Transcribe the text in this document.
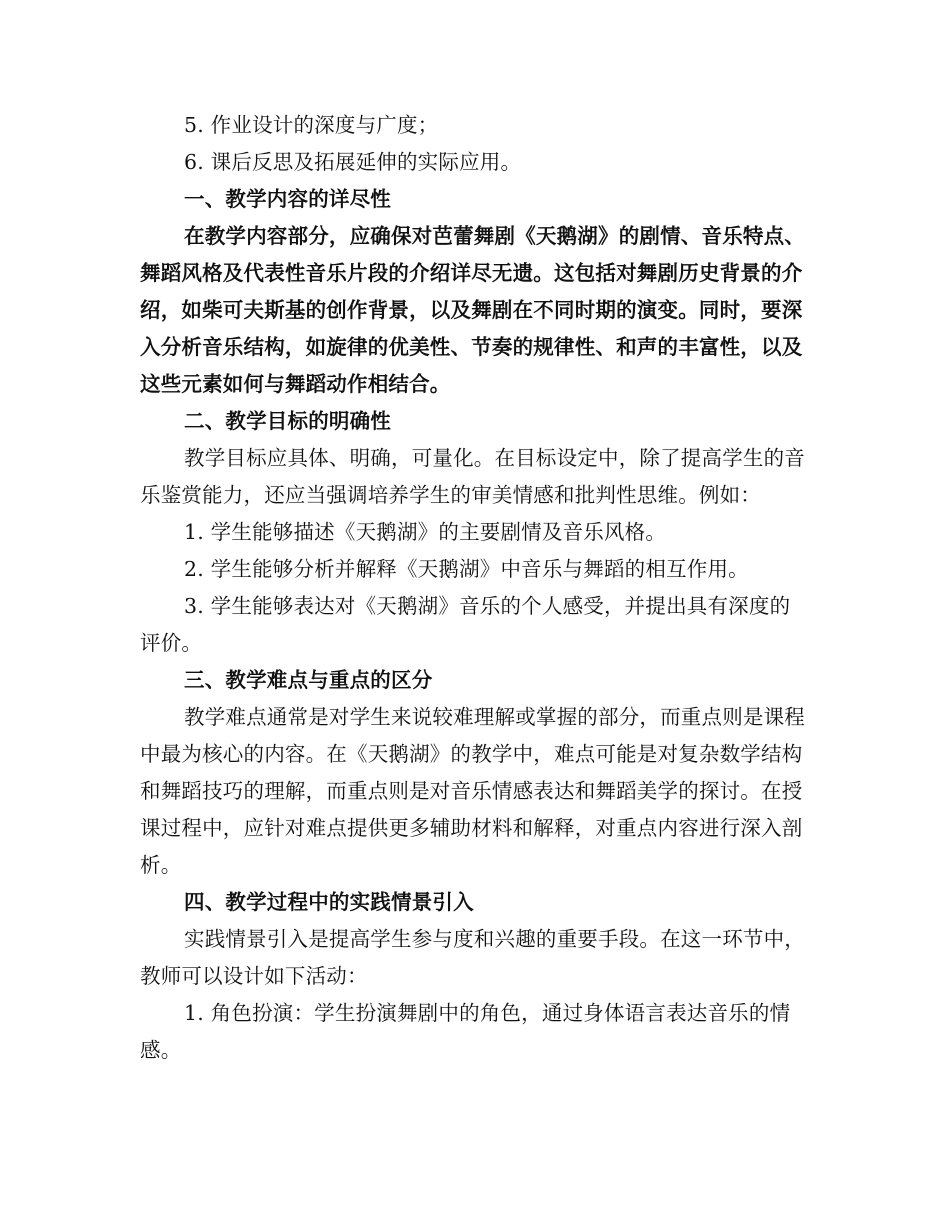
5. 作业设计的深度与广度；

6. 课后反思及拓展延伸的实际应用。

一、教学内容的详尽性

在教学内容部分，应确保对芭蕾舞剧《天鹅湖》的剧情、音乐特点、舞蹈风格及代表性音乐片段的介绍详尽无遗。这包括对舞剧历史背景的介绍，如柴可夫斯基的创作背景，以及舞剧在不同时期的演变。同时，要深入分析音乐结构，如旋律的优美性、节奏的规律性、和声的丰富性，以及这些元素如何与舞蹈动作相结合。

二、教学目标的明确性

教学目标应具体、明确，可量化。在目标设定中，除了提高学生的音乐鉴赏能力，还应当强调培养学生的审美情感和批判性思维。例如：

1. 学生能够描述《天鹅湖》的主要剧情及音乐风格。

2. 学生能够分析并解释《天鹅湖》中音乐与舞蹈的相互作用。

3. 学生能够表达对《天鹅湖》音乐的个人感受，并提出具有深度的评价。

三、教学难点与重点的区分

教学难点通常是对学生来说较难理解或掌握的部分，而重点则是课程中最为核心的内容。在《天鹅湖》的教学中，难点可能是对复杂数学结构和舞蹈技巧的理解，而重点则是对音乐情感表达和舞蹈美学的探讨。在授课过程中，应针对难点提供更多辅助材料和解释，对重点内容进行深入剖析。

四、教学过程中的实践情景引入

实践情景引入是提高学生参与度和兴趣的重要手段。在这一环节中，教师可以设计如下活动：

1. 角色扮演：学生扮演舞剧中的角色，通过身体语言表达音乐的情感。
